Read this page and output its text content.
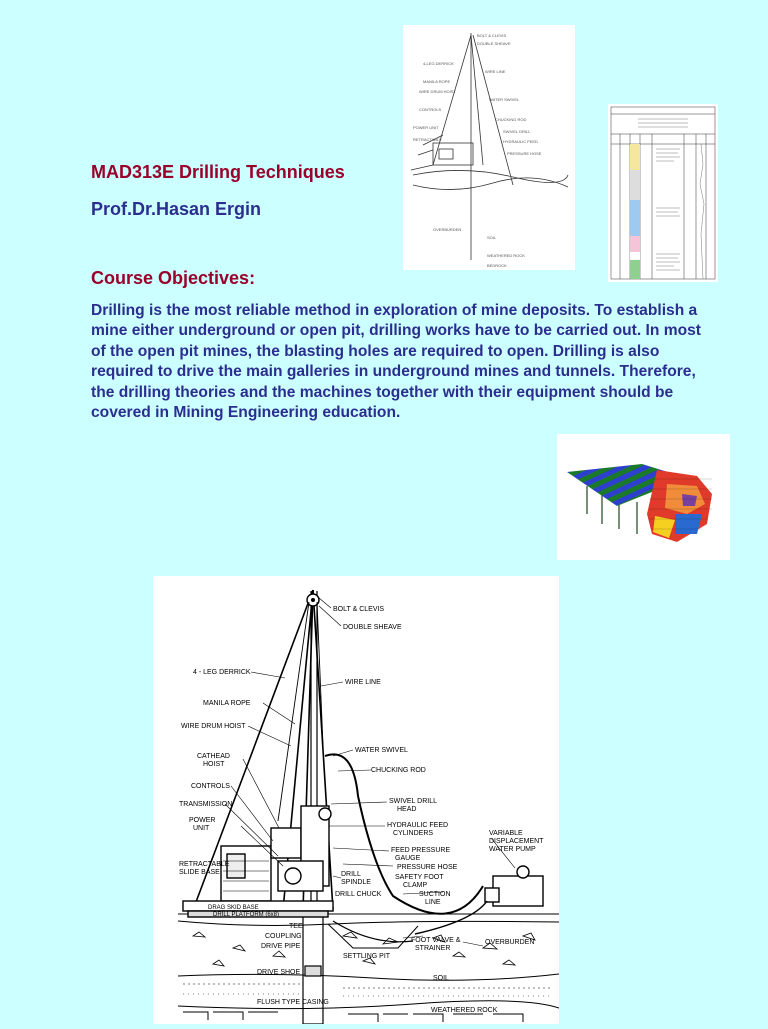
MAD313E Drilling Techniques
Prof.Dr.Hasan Ergin
Course Objectives:

Drilling is the most reliable method in exploration of mine deposits. To establish a mine either underground or open pit, drilling works have to be carried out. In most of the open pit mines, the blasting holes are required to open. Drilling is also required to drive the main galleries in underground mines and tunnels. Therefore, the drilling theories and the machines together with their equipment should be covered in Mining Engineering education.

BOLT & CLEVIS
DOUBLE SHEAVE
4-LEG DERRICK
WIRE LINE
MANILA ROPE
WIRE DRUM HOIST
WATER SWIVEL
CONTROLS
CHUCKING ROD
POWER UNIT
SWIVEL DRILL
HYDRAULIC FEED
RETRACTABLE
PRESSURE HOSE
OVERBURDEN
SOIL
WEATHERED ROCK
BEDROCK
BOLT & CLEVIS
DOUBLE SHEAVE
4 - LEG DERRICK
WIRE LINE
MANILA ROPE
WIRE DRUM HOIST
WATER SWIVEL
CATHEAD
HOIST
CHUCKING ROD
CONTROLS
TRANSMISSION	SWIVEL DRILL
HEAD
POWER
UNIT	HYDRAULIC FEED
CYLINDERS	VARIABLE
DISPLACEMENT
WATER PUMP
FEED PRESSURE
GAUGE
RETRACTABLE
SLIDE BASE
PRESSURE HOSE
DRILL
SPINDLE
SAFETY FOOT
CLAMP
DRILL CHUCK	SUCTION
LINE
DRAG SKID BASE
DRILL PLATFORM (6x8)
TEE
COUPLING
DRIVE PIPE
FOOT VALVE &
STRAINER
OVERBURDEN
SETTLING PIT
DRIVE SHOE
SOIL
FLUSH TYPE CASING
WEATHERED ROCK
